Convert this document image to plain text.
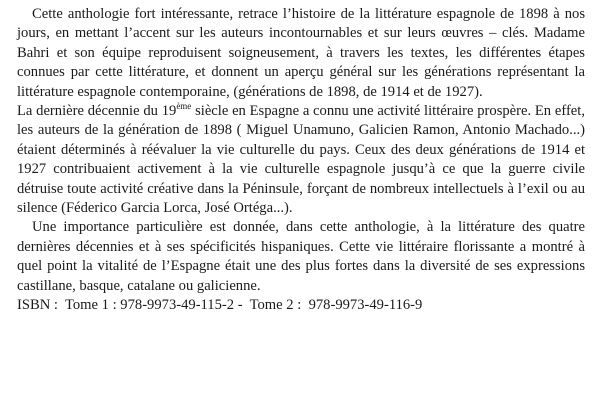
Cette anthologie fort intéressante, retrace l’histoire de la littérature espagnole de 1898 à nos jours, en mettant l’accent sur les auteurs incontournables et sur leurs œuvres – clés. Madame Bahri et son équipe reproduisent soigneusement, à travers les textes, les différentes étapes connues par cette littérature, et donnent un aperçu général sur les générations représentant la littérature espagnole contemporaine, (générations de 1898, de 1914 et de 1927).

La dernière décennie du 19ème siècle en Espagne a connu une activité littéraire prospère. En effet, les auteurs de la génération de 1898 ( Miguel Unamuno, Galicien Ramon, Antonio Machado...) étaient déterminés à réévaluer la vie culturelle du pays. Ceux des deux générations de 1914 et 1927 contribuaient activement à la vie culturelle espagnole jusqu’à ce que la guerre civile détruise toute activité créative dans la Péninsule, forçant de nombreux intellectuels à l’exil ou au silence (Féderico Garcia Lorca, José Ortéga...).

Une importance particulière est donnée, dans cette anthologie, à la littérature des quatre dernières décennies et à ses spécificités hispaniques. Cette vie littéraire florissante a montré à quel point la vitalité de l’Espagne était une des plus fortes dans la diversité de ses expressions castillane, basque, catalane ou galicienne.

ISBN :  Tome 1 : 978-9973-49-115-2 -  Tome 2 :  978-9973-49-116-9
